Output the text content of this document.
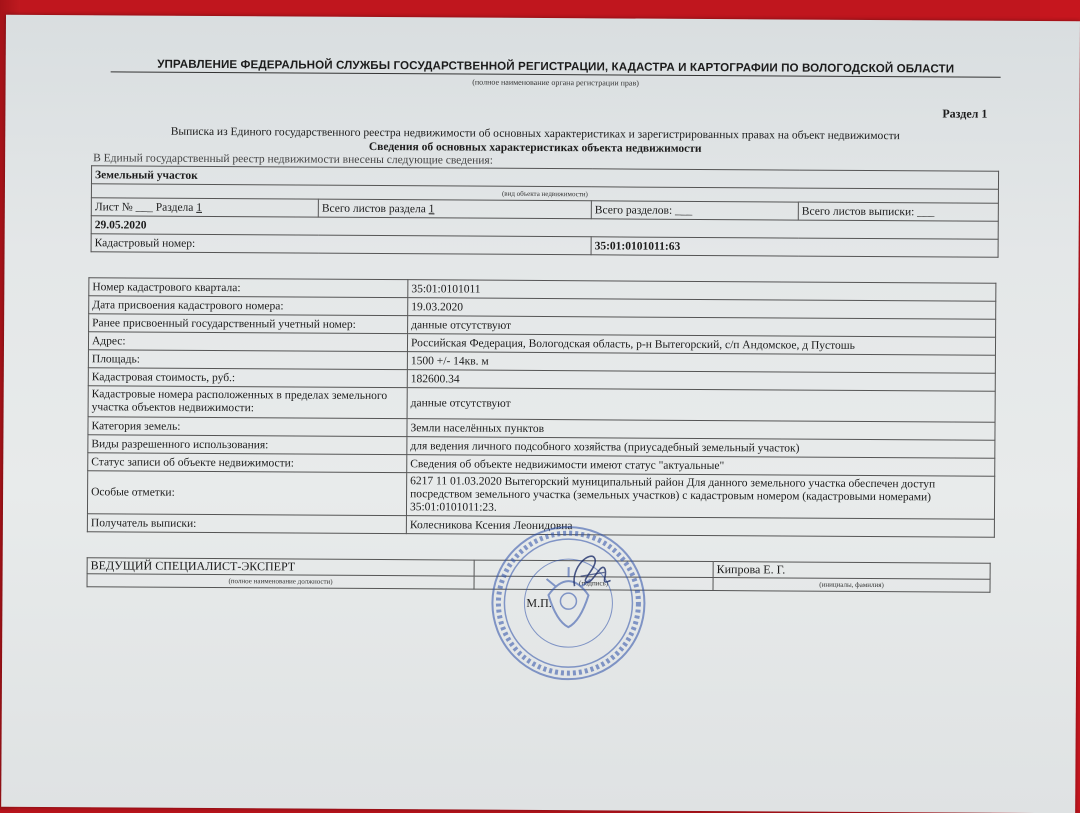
УПРАВЛЕНИЕ ФЕДЕРАЛЬНОЙ СЛУЖБЫ ГОСУДАРСТВЕННОЙ РЕГИСТРАЦИИ, КАДАСТРА И КАРТОГРАФИИ ПО ВОЛОГОДСКОЙ ОБЛАСТИ
(полное наименование органа регистрации прав)
Раздел 1
Выписка из Единого государственного реестра недвижимости об основных характеристиках и зарегистрированных правах на объект недвижимости
Сведения об основных характеристиках объекта недвижимости
В Единый государственный реестр недвижимости внесены следующие сведения:
Земельный участок			
(вид объекта недвижимости)			
Лист № ___ Раздела 1	Всего листов раздела 1	Всего разделов: ___	Всего листов выписки: ___
29.05.2020			
Кадастровый номер:		35:01:0101011:63	
Номер кадастрового квартала:	35:01:0101011
Дата присвоения кадастрового номера:	19.03.2020
Ранее присвоенный государственный учетный номер:	данные отсутствуют
Адрес:	Российская Федерация, Вологодская область, р-н Вытегорский, с/п Андомское, д Пустошь
Площадь:	1500 +/- 14кв. м
Кадастровая стоимость, руб.:	182600.34
Кадастровые номера расположенных в пределах земельного участка объектов недвижимости:	данные отсутствуют
Категория земель:	Земли населённых пунктов
Виды разрешенного использования:	для ведения личного подсобного хозяйства (приусадебный земельный участок)
Статус записи об объекте недвижимости:	Сведения об объекте недвижимости имеют статус "актуальные"
Особые отметки:	6217 11 01.03.2020 Вытегорский муниципальный район Для данного земельного участка обеспечен доступ посредством земельного участка (земельных участков) с кадастровым номером (кадастровыми номерами) 35:01:0101011:23.
Получатель выписки:	Колесникова Ксения Леонидовна
ВЕДУЩИЙ СПЕЦИАЛИСТ-ЭКСПЕРТ		Кипрова Е. Г.
(полное наименование должности)	(подпись)	(инициалы, фамилия)
М.П.
